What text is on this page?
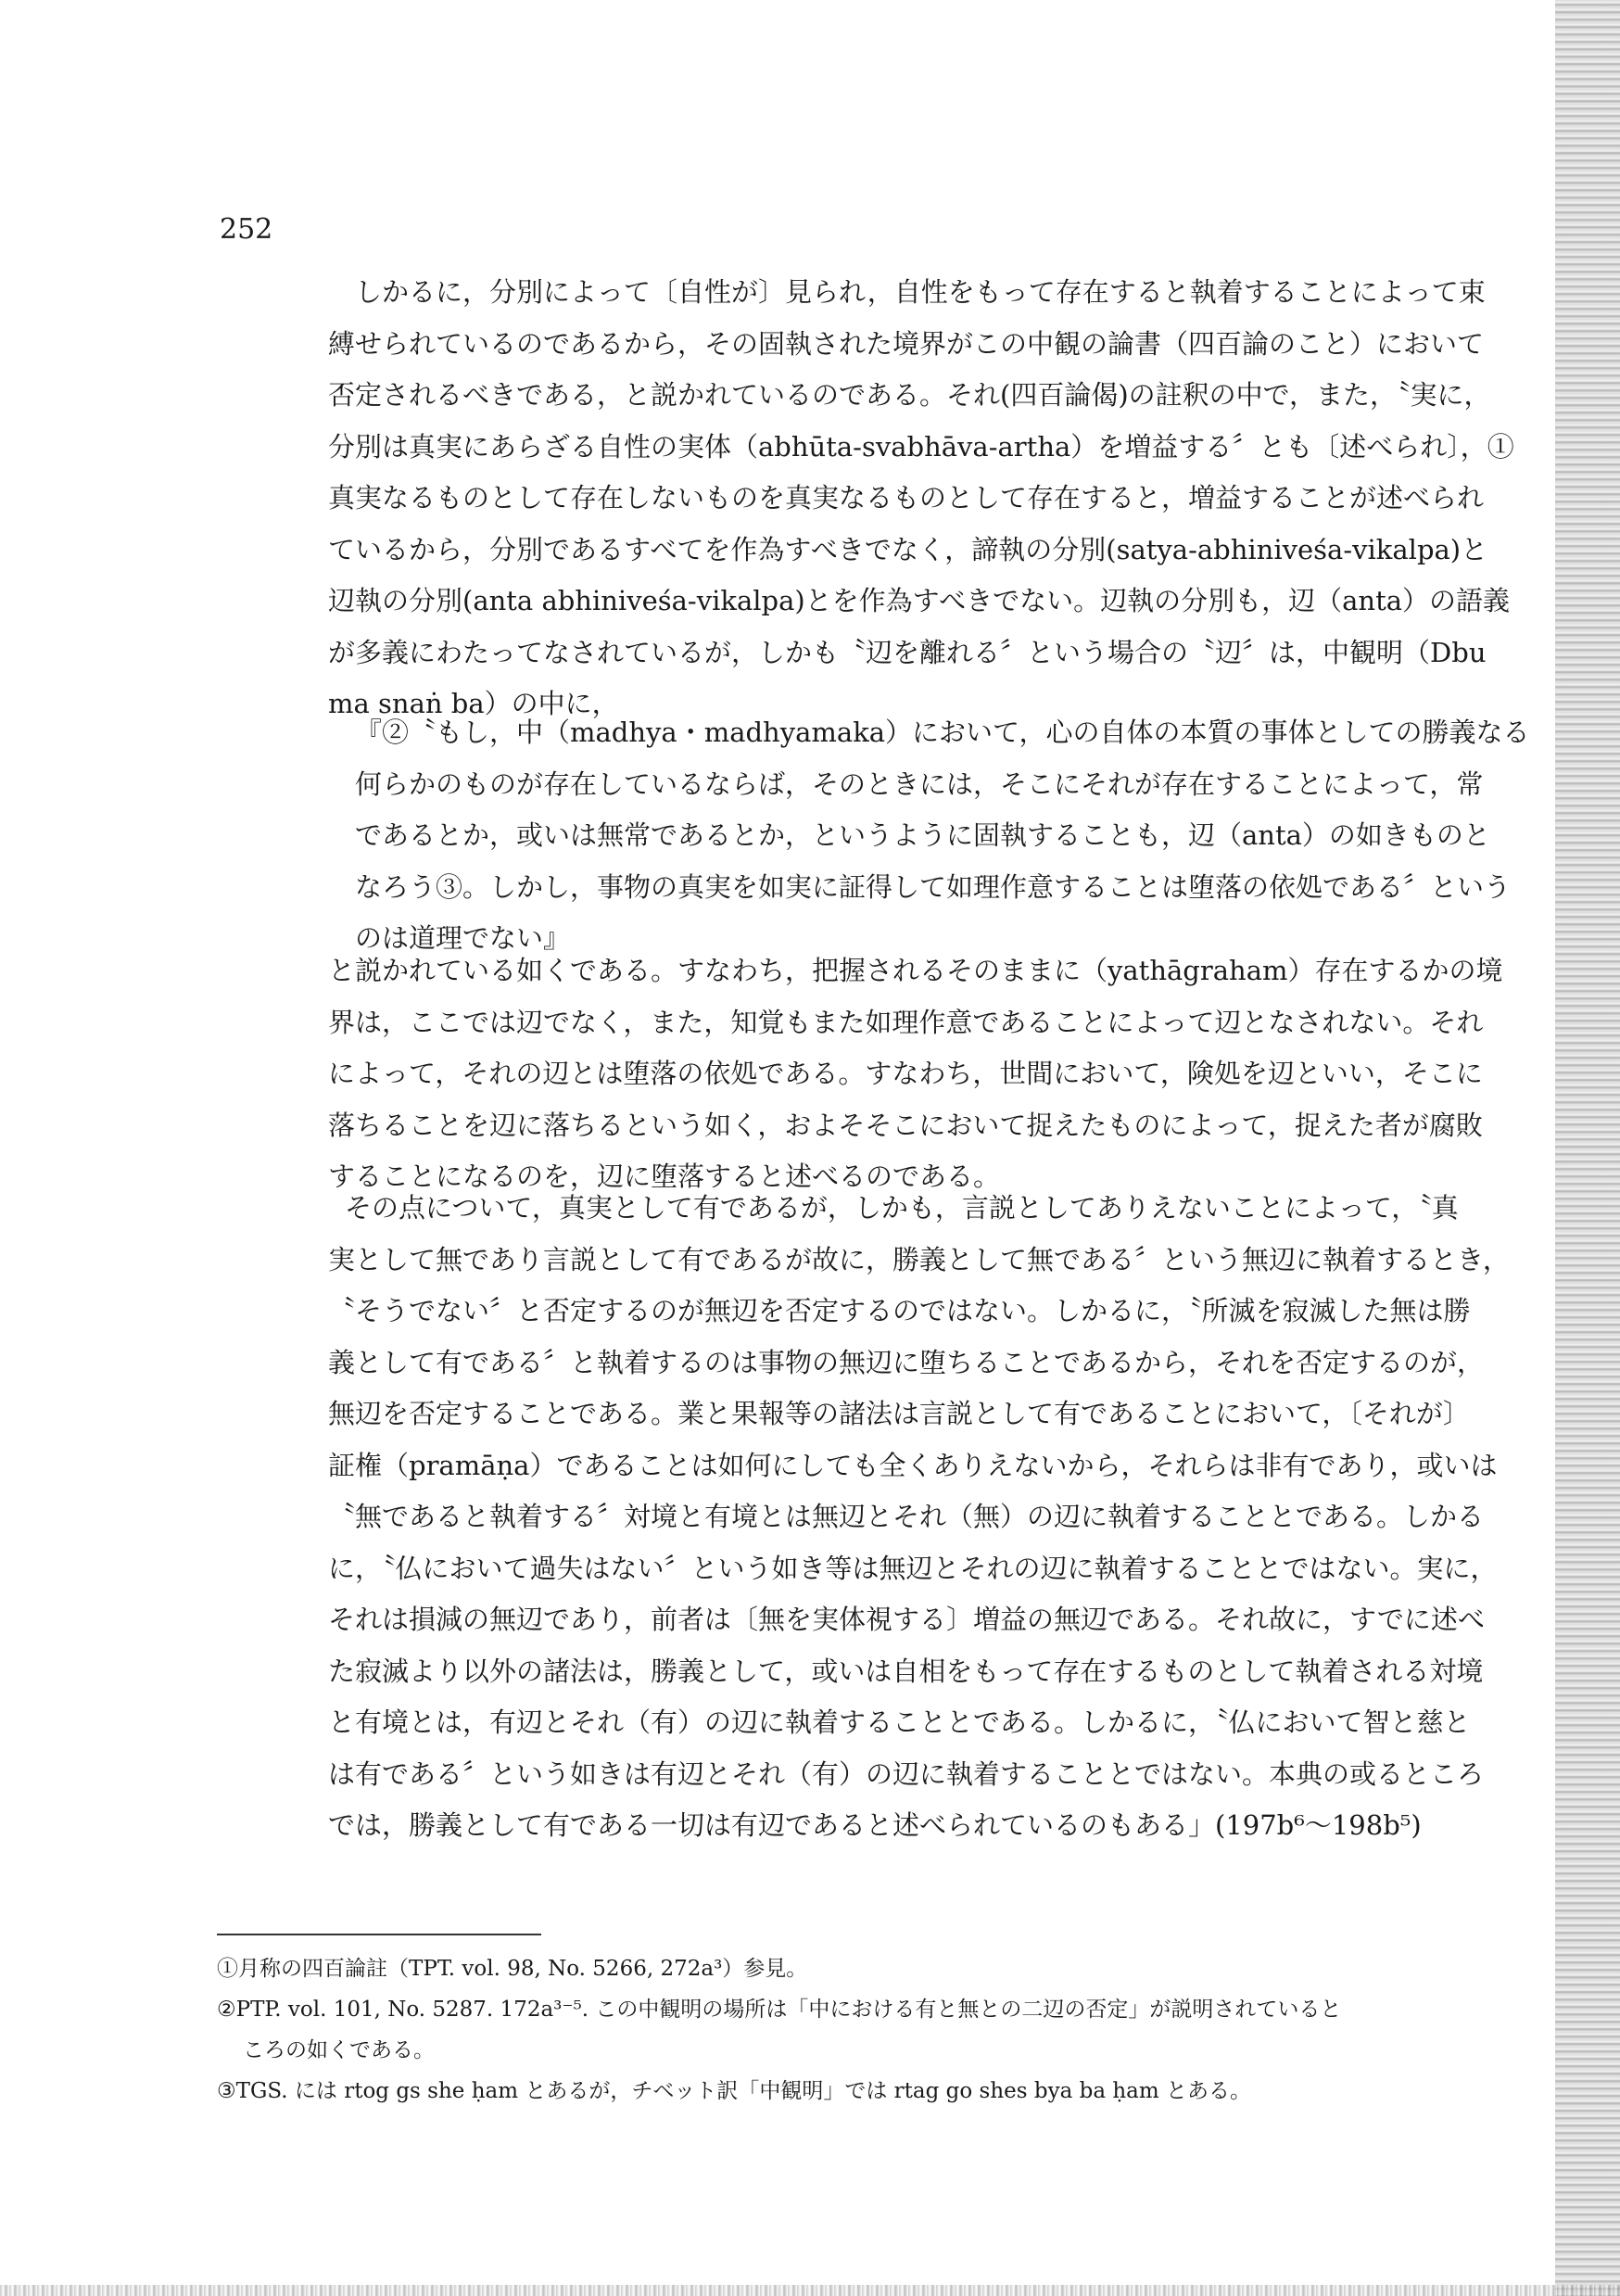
252
しかるに，分別によって〔自性が〕見られ，自性をもって存在すると執着することによって束
縛せられているのであるから，その固執された境界がこの中観の論書（四百論のこと）において
否定されるべきである，と説かれているのである。それ(四百論偈)の註釈の中で，また，〝実に，
分別は真実にあらざる自性の実体（abhūta-svabhāva-artha）を増益する〞とも〔述べられ〕，①
真実なるものとして存在しないものを真実なるものとして存在すると，増益することが述べられ
ているから，分別であるすべてを作為すべきでなく，諦執の分別(satya-abhiniveśa-vikalpa)と
辺執の分別(anta abhiniveśa-vikalpa)とを作為すべきでない。辺執の分別も，辺（anta）の語義
が多義にわたってなされているが，しかも〝辺を離れる〞という場合の〝辺〞は，中観明（Dbu
ma snaṅ ba）の中に，
『②〝もし，中（madhya・madhyamaka）において，心の自体の本質の事体としての勝義なる
何らかのものが存在しているならば，そのときには，そこにそれが存在することによって，常
であるとか，或いは無常であるとか，というように固執することも，辺（anta）の如きものと
なろう③。しかし，事物の真実を如実に証得して如理作意することは堕落の依処である〞という
のは道理でない』
と説かれている如くである。すなわち，把握されるそのままに（yathāgraham）存在するかの境
界は，ここでは辺でなく，また，知覚もまた如理作意であることによって辺となされない。それ
によって，それの辺とは堕落の依処である。すなわち，世間において，険処を辺といい，そこに
落ちることを辺に落ちるという如く，およそそこにおいて捉えたものによって，捉えた者が腐敗
することになるのを，辺に堕落すると述べるのである。
その点について，真実として有であるが，しかも，言説としてありえないことによって，〝真
実として無であり言説として有であるが故に，勝義として無である〞という無辺に執着するとき，
〝そうでない〞と否定するのが無辺を否定するのではない。しかるに，〝所滅を寂滅した無は勝
義として有である〞と執着するのは事物の無辺に堕ちることであるから，それを否定するのが，
無辺を否定することである。業と果報等の諸法は言説として有であることにおいて，〔それが〕
証権（pramāṇa）であることは如何にしても全くありえないから，それらは非有であり，或いは
〝無であると執着する〞対境と有境とは無辺とそれ（無）の辺に執着することとである。しかる
に，〝仏において過失はない〞という如き等は無辺とそれの辺に執着することとではない。実に，
それは損減の無辺であり，前者は〔無を実体視する〕増益の無辺である。それ故に，すでに述べ
た寂滅より以外の諸法は，勝義として，或いは自相をもって存在するものとして執着される対境
と有境とは，有辺とそれ（有）の辺に執着することとである。しかるに，〝仏において智と慈と
は有である〞という如きは有辺とそれ（有）の辺に執着することとではない。本典の或るところ
では，勝義として有である一切は有辺であると述べられているのもある」(197b⁶〜198b⁵)
①月称の四百論註（TPT. vol. 98, No. 5266, 272a³）参見。
②PTP. vol. 101, No. 5287. 172a³⁻⁵. この中観明の場所は「中における有と無との二辺の否定」が説明されていると
ころの如くである。
③TGS. には rtog gs she ḥam とあるが，チベット訳「中観明」では rtag go shes bya ba ḥam とある。
